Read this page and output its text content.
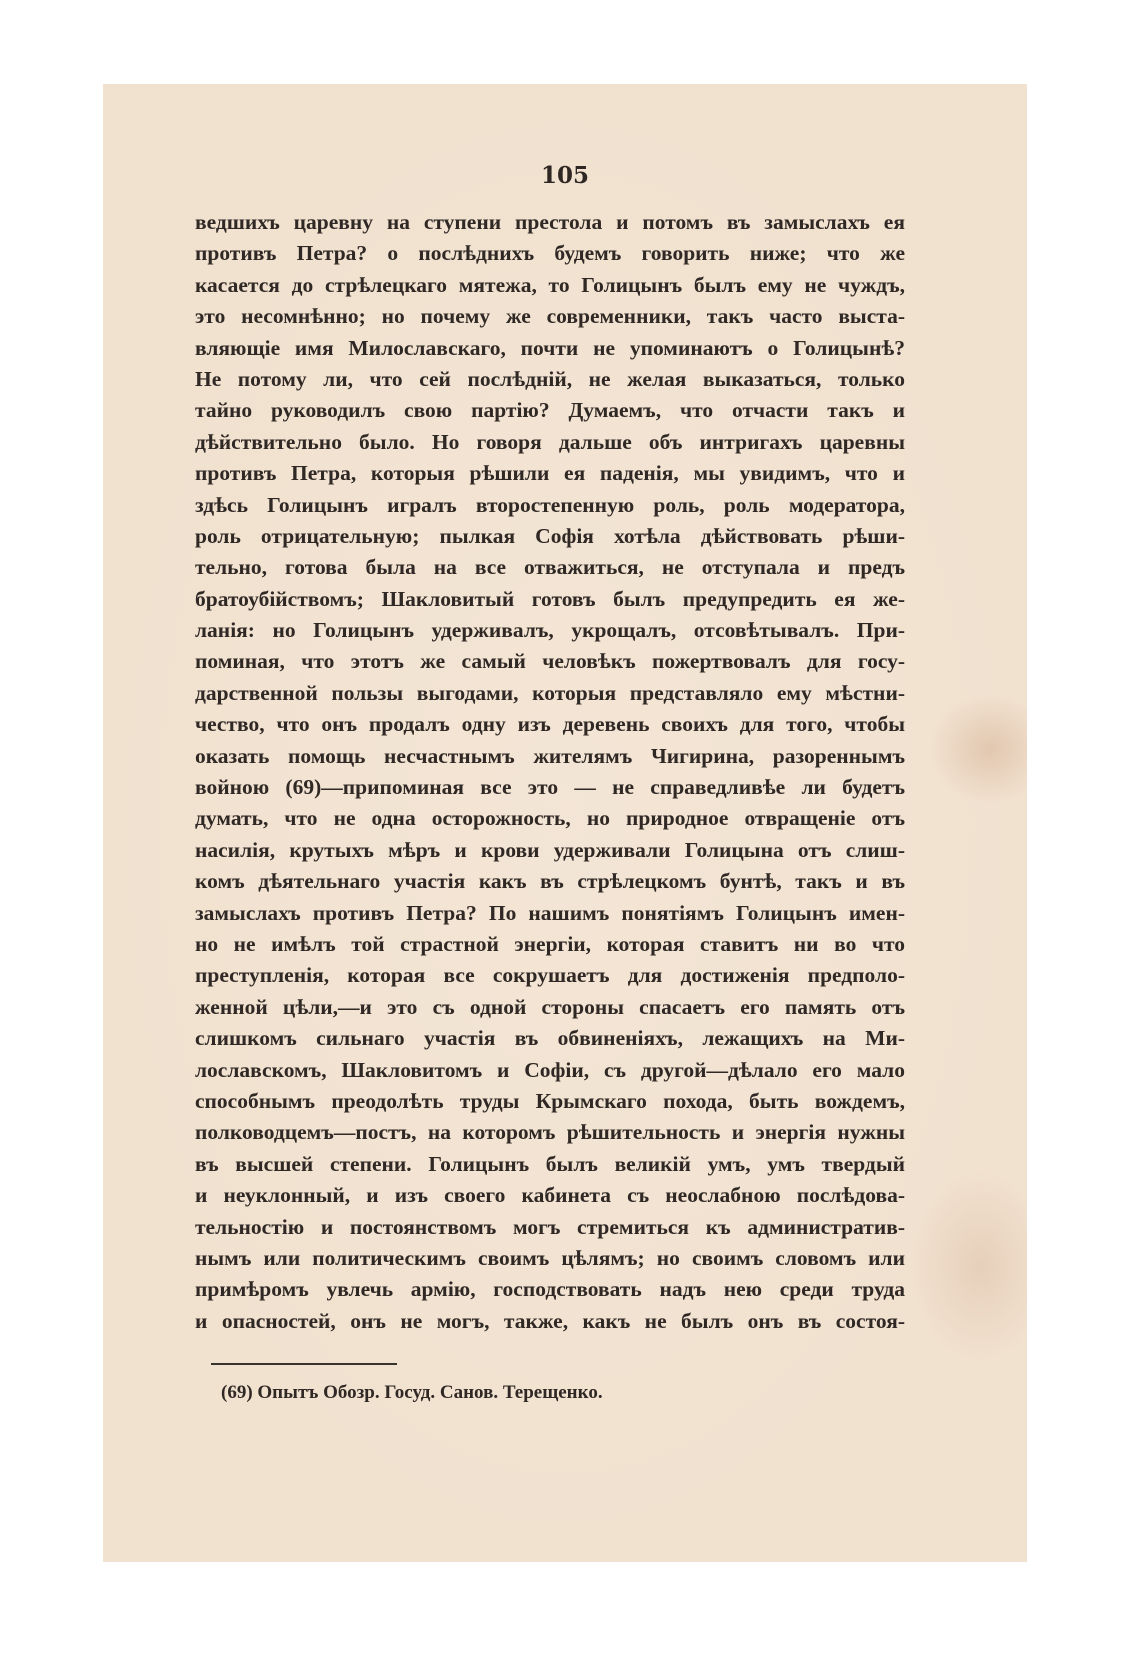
105
ведшихъ царевну на ступени престола и потомъ въ замыслахъ ея
противъ Петра? о послѣднихъ будемъ говорить ниже; что же
касается до стрѣлецкаго мятежа, то Голицынъ былъ ему не чуждъ,
это несомнѣнно; но почему же современники, такъ часто выста-
вляющіе имя Милославскаго, почти не упоминаютъ о Голицынѣ?
Не потому ли, что сей послѣдній, не желая выказаться, только
тайно руководилъ свою партію? Думаемъ, что отчасти такъ и
дѣйствительно было. Но говоря дальше объ интригахъ царевны
противъ Петра, которыя рѣшили ея паденія, мы увидимъ, что и
здѣсь Голицынъ игралъ второстепенную роль, роль модератора,
роль отрицательную; пылкая Софія хотѣла дѣйствовать рѣши-
тельно, готова была на все отважиться, не отступала и предъ
братоубійствомъ; Шакловитый готовъ былъ предупредить ея же-
ланія: но Голицынъ удерживалъ, укрощалъ, отсовѣтывалъ. При-
поминая, что этотъ же самый человѣкъ пожертвовалъ для госу-
дарственной пользы выгодами, которыя представляло ему мѣстни-
чество, что онъ продалъ одну изъ деревень своихъ для того, чтобы
оказать помощь несчастнымъ жителямъ Чигирина, разореннымъ
войною (69)—припоминая все это — не справедливѣе ли будетъ
думать, что не одна осторожность, но природное отвращеніе отъ
насилія, крутыхъ мѣръ и крови удерживали Голицына отъ слиш-
комъ дѣятельнаго участія какъ въ стрѣлецкомъ бунтѣ, такъ и въ
замыслахъ противъ Петра? По нашимъ понятіямъ Голицынъ имен-
но не имѣлъ той страстной энергіи, которая ставитъ ни во что
преступленія, которая все сокрушаетъ для достиженія предполо-
женной цѣли,—и это съ одной стороны спасаетъ его память отъ
слишкомъ сильнаго участія въ обвиненіяхъ, лежащихъ на Ми-
лославскомъ, Шакловитомъ и Софіи, съ другой—дѣлало его мало
способнымъ преодолѣть труды Крымскаго похода, быть вождемъ,
полководцемъ—постъ, на которомъ рѣшительность и энергія нужны
въ высшей степени. Голицынъ былъ великій умъ, умъ твердый
и неуклонный, и изъ своего кабинета съ неослабною послѣдова-
тельностію и постоянствомъ могъ стремиться къ административ-
нымъ или политическимъ своимъ цѣлямъ; но своимъ словомъ или
примѣромъ увлечь армію, господствовать надъ нею среди труда
и опасностей, онъ не могъ, также, какъ не былъ онъ въ состоя-
(69) Опытъ Обозр. Госуд. Санов. Терещенко.
